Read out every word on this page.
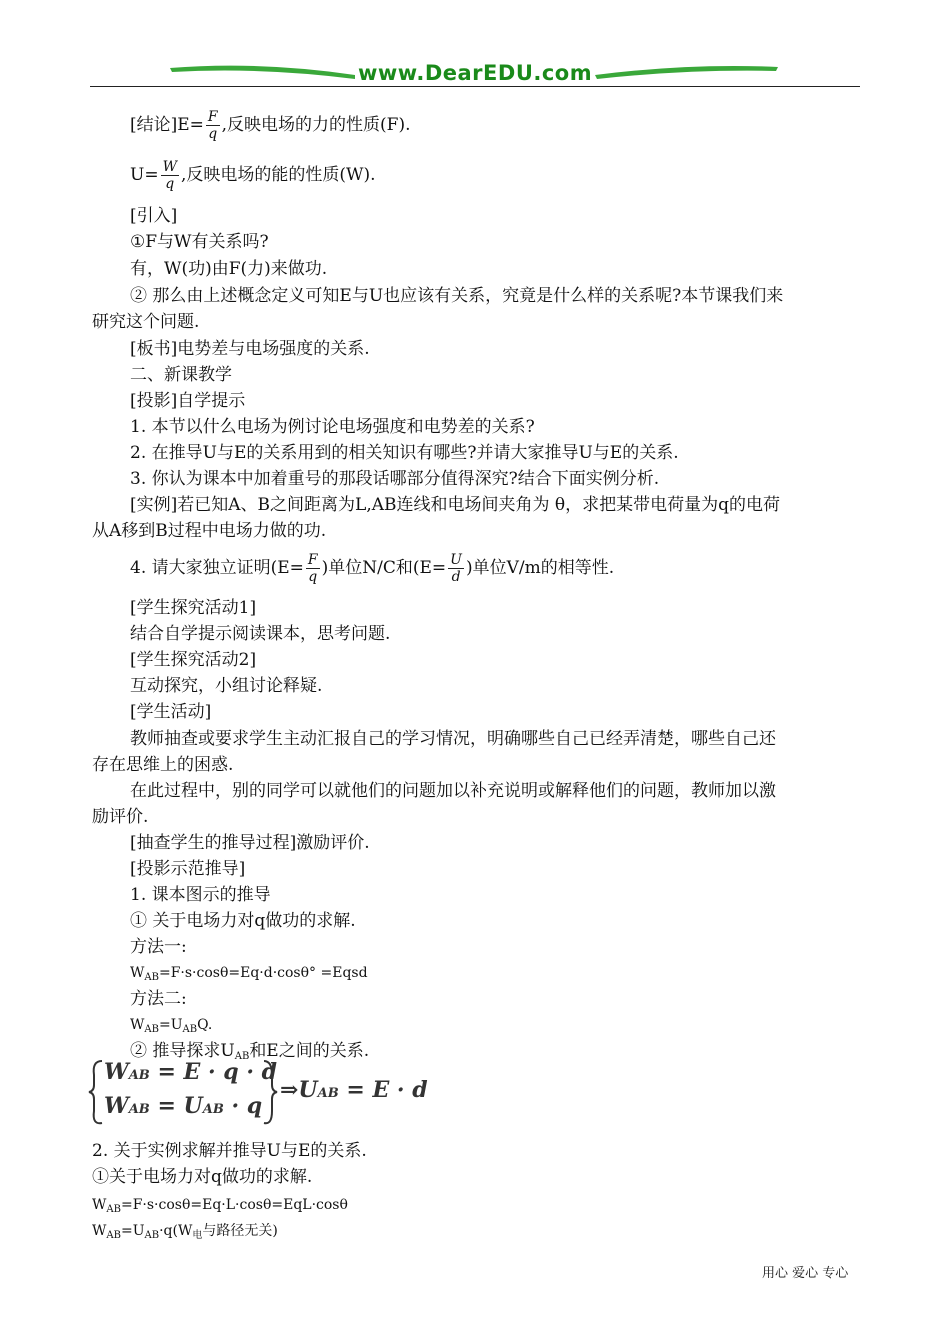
www.DearEDU.com
[结论]$E= \frac{F}{q}$ ,反映电场的力的性质(F).
$U= \frac{W}{q}$ ,反映电场的能的性质(W).
[引入]
①F与W有关系吗?
有，W(功)由F(力)来做功.
② 那么由上述概念定义可知E与U也应该有关系，究竟是什么样的关系呢?本节课我们来
研究这个问题.
[板书]电势差与电场强度的关系.
二、新课教学
[投影]自学提示
1. 本节以什么电场为例讨论电场强度和电势差的关系?
2. 在推导U与E的关系用到的相关知识有哪些?并请大家推导U与E的关系.
3. 你认为课本中加着重号的那段话哪部分值得深究?结合下面实例分析.
[实例]若已知A、B之间距离为L,AB连线和电场间夹角为 θ，求把某带电荷量为q的电荷
从A移到B过程中电场力做的功.
4. 请大家独立证明($E= \frac{F}{q}$ )单位N/C和($E= \frac{U}{d}$ )单位V/m的相等性.
[学生探究活动1]
结合自学提示阅读课本，思考问题.
[学生探究活动2]
互动探究，小组讨论释疑.
[学生活动]
教师抽查或要求学生主动汇报自己的学习情况，明确哪些自己已经弄清楚，哪些自己还
存在思维上的困惑.
在此过程中，别的同学可以就他们的问题加以补充说明或解释他们的问题，教师加以激
励评价.
[抽查学生的推导过程]激励评价.
[投影示范推导]
1. 课本图示的推导
① 关于电场力对q做功的求解.
方法一:
$W_{AB}=F\cdot s\cdot\cos\theta=Eq\cdot d\cdot\cos\theta^\circ$ =Eqsd
方法二:
$W_{AB}=U_{AB}Q$.
② 推导探求$U_{AB}$和E之间的关系.
WAB = E · q · d
WAB = UAB · q
⇒UAB = E · d
2. 关于实例求解并推导U与E的关系.
①关于电场力对q做功的求解.
$W_{AB}=F\cdot s\cdot\cos\theta=Eq\cdot L\cdot\cos\theta=EqL\cdot\cos\theta$
$W_{AB}=U_{AB}\cdot q(W_电$与路径无关)
用心 爱心 专心
